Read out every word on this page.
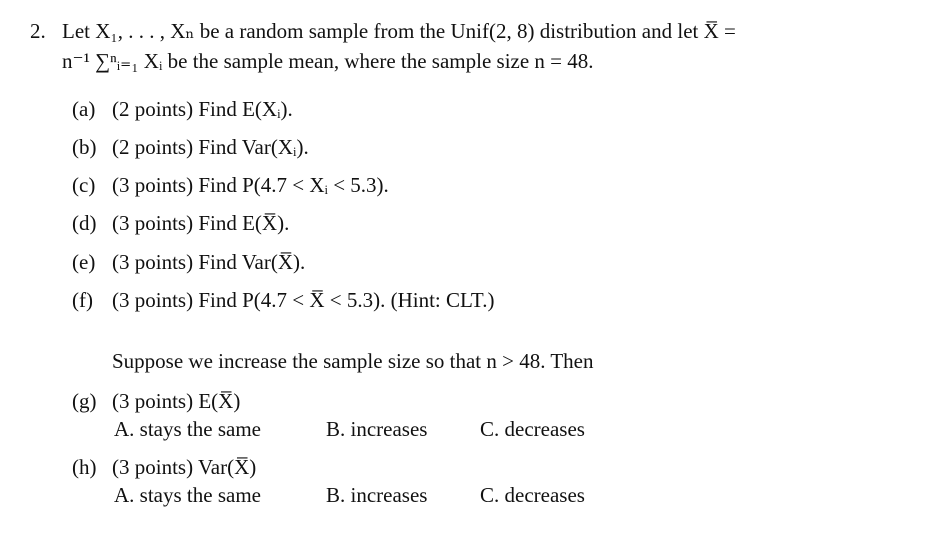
2. Let X₁, . . . , Xₙ be a random sample from the Unif(2, 8) distribution and let X̅ =
n⁻¹ ∑ⁿᵢ₌₁ Xᵢ be the sample mean, where the sample size n = 48.
(a) (2 points) Find E(Xᵢ).
(b) (2 points) Find Var(Xᵢ).
(c) (3 points) Find P(4.7 < Xᵢ < 5.3).
(d) (3 points) Find E(X̅).
(e) (3 points) Find Var(X̅).
(f) (3 points) Find P(4.7 < X̅ < 5.3). (Hint: CLT.)
Suppose we increase the sample size so that n > 48. Then
(g) (3 points) E(X̅)
A. stays the same	B. increases	C. decreases
(h) (3 points) Var(X̅)
A. stays the same	B. increases	C. decreases
